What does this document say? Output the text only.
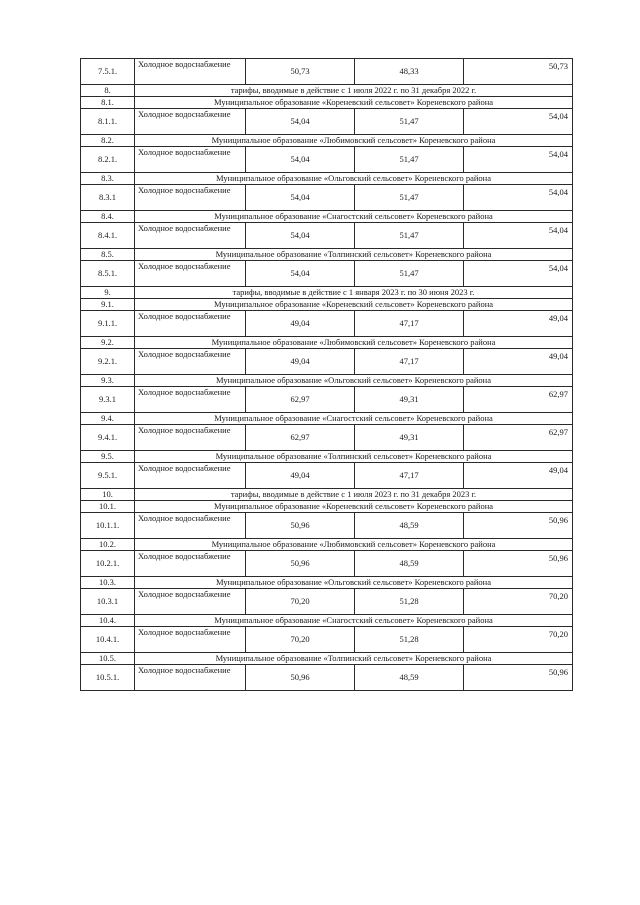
7.5.1.	Холодное водоснабжение	50,73	48,33	50,73
8.	тарифы, вводимые в действие с 1 июля 2022 г. по 31 декабря 2022 г.			
8.1.	Муниципальное образование «Кореневский сельсовет» Кореневского района			
8.1.1.	Холодное водоснабжение	54,04	51,47	54,04
8.2.	Муниципальное образование «Любимовский сельсовет» Кореневского района			
8.2.1.	Холодное водоснабжение	54,04	51,47	54,04
8.3.	Муниципальное образование «Ольговский сельсовет» Кореневского района			
8.3.1	Холодное водоснабжение	54,04	51,47	54,04
8.4.	Муниципальное образование «Снагостский сельсовет» Кореневского района			
8.4.1.	Холодное водоснабжение	54,04	51,47	54,04
8.5.	Муниципальное образование «Толпинский сельсовет» Кореневского района			
8.5.1.	Холодное водоснабжение	54,04	51,47	54,04
9.	тарифы, вводимые в действие с 1 января 2023 г. по 30 июня 2023 г.			
9.1.	Муниципальное образование «Кореневский сельсовет» Кореневского района			
9.1.1.	Холодное водоснабжение	49,04	47,17	49,04
9.2.	Муниципальное образование «Любимовский сельсовет» Кореневского района			
9.2.1.	Холодное водоснабжение	49,04	47,17	49,04
9.3.	Муниципальное образование «Ольговский сельсовет» Кореневского района			
9.3.1	Холодное водоснабжение	62,97	49,31	62,97
9.4.	Муниципальное образование «Снагостский сельсовет» Кореневского района			
9.4.1.	Холодное водоснабжение	62,97	49,31	62,97
9.5.	Муниципальное образование «Толпинский сельсовет» Кореневского района			
9.5.1.	Холодное водоснабжение	49,04	47,17	49,04
10.	тарифы, вводимые в действие с 1 июля 2023 г. по 31 декабря 2023 г.			
10.1.	Муниципальное образование «Кореневский сельсовет» Кореневского района			
10.1.1.	Холодное водоснабжение	50,96	48,59	50,96
10.2.	Муниципальное образование «Любимовский сельсовет» Кореневского района			
10.2.1.	Холодное водоснабжение	50,96	48,59	50,96
10.3.	Муниципальное образование «Ольговский сельсовет» Кореневского района			
10.3.1	Холодное водоснабжение	70,20	51,28	70,20
10.4.	Муниципальное образование «Снагостский сельсовет» Кореневского района			
10.4.1.	Холодное водоснабжение	70,20	51,28	70,20
10.5.	Муниципальное образование «Толпинский сельсовет» Кореневского района			
10.5.1.	Холодное водоснабжение	50,96	48,59	50,96
